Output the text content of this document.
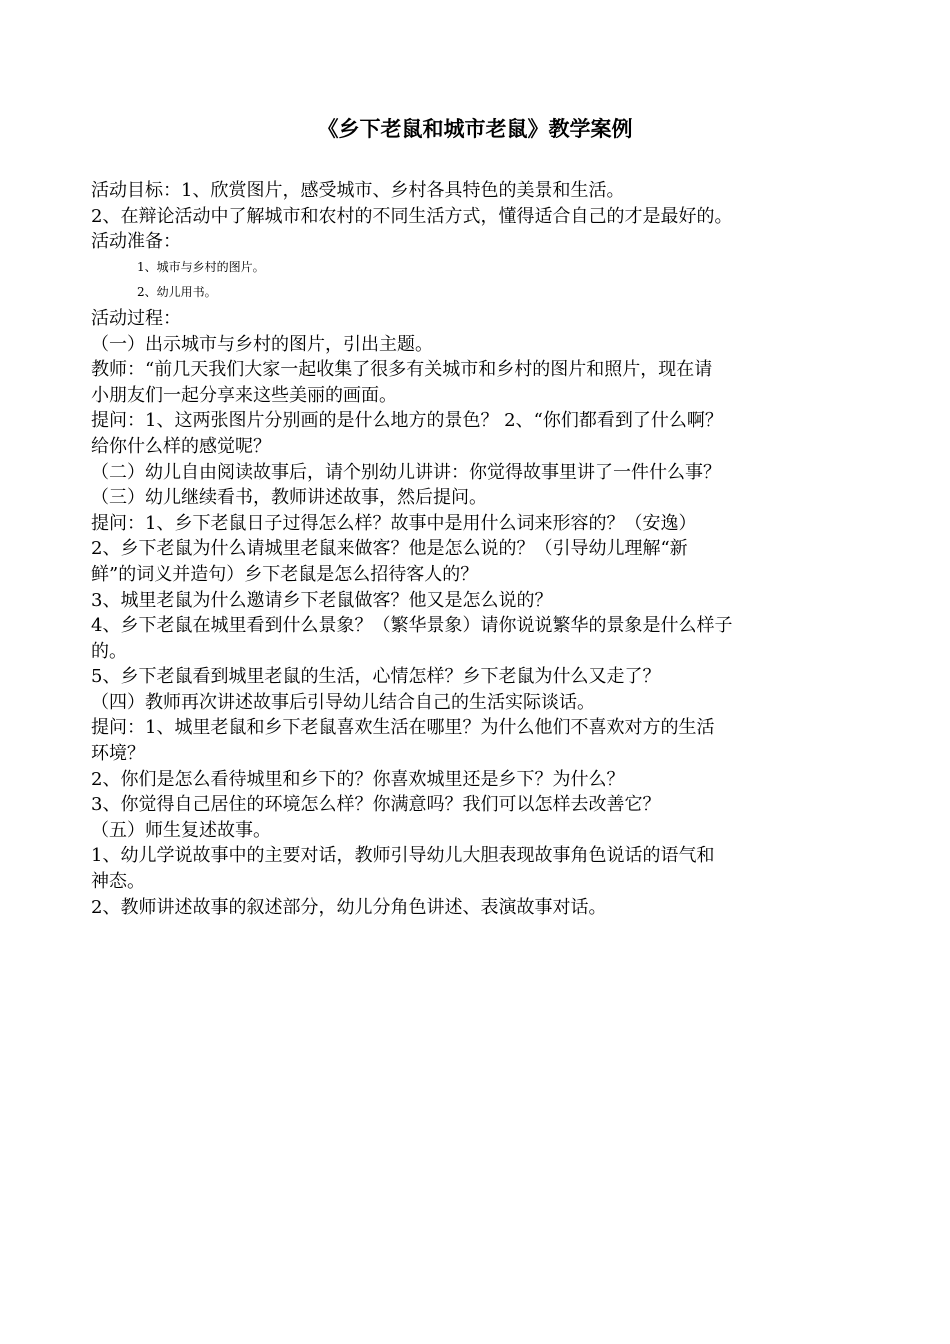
《乡下老鼠和城市老鼠》教学案例

活动目标：1、欣赏图片，感受城市、乡村各具特色的美景和生活。

2、在辩论活动中了解城市和农村的不同生活方式，懂得适合自己的才是最好的。

活动准备：

1、城市与乡村的图片。

2、幼儿用书。

活动过程：

（一）出示城市与乡村的图片，引出主题。

教师：“前几天我们大家一起收集了很多有关城市和乡村的图片和照片，现在请

小朋友们一起分享来这些美丽的画面。

提问：1、这两张图片分别画的是什么地方的景色？ 2、“你们都看到了什么啊？

给你什么样的感觉呢？

（二）幼儿自由阅读故事后，请个别幼儿讲讲：你觉得故事里讲了一件什么事？

（三）幼儿继续看书，教师讲述故事，然后提问。

提问：1、乡下老鼠日子过得怎么样？故事中是用什么词来形容的？（安逸）

2、乡下老鼠为什么请城里老鼠来做客？他是怎么说的？（引导幼儿理解“新

鲜”的词义并造句）乡下老鼠是怎么招待客人的？

3、城里老鼠为什么邀请乡下老鼠做客？他又是怎么说的？

4、乡下老鼠在城里看到什么景象？（繁华景象）请你说说繁华的景象是什么样子

的。

5、乡下老鼠看到城里老鼠的生活，心情怎样？乡下老鼠为什么又走了？

（四）教师再次讲述故事后引导幼儿结合自己的生活实际谈话。

提问：1、城里老鼠和乡下老鼠喜欢生活在哪里？为什么他们不喜欢对方的生活

环境？

2、你们是怎么看待城里和乡下的？你喜欢城里还是乡下？为什么？

3、你觉得自己居住的环境怎么样？你满意吗？我们可以怎样去改善它？

（五）师生复述故事。

1、幼儿学说故事中的主要对话，教师引导幼儿大胆表现故事角色说话的语气和

神态。

2、教师讲述故事的叙述部分，幼儿分角色讲述、表演故事对话。
